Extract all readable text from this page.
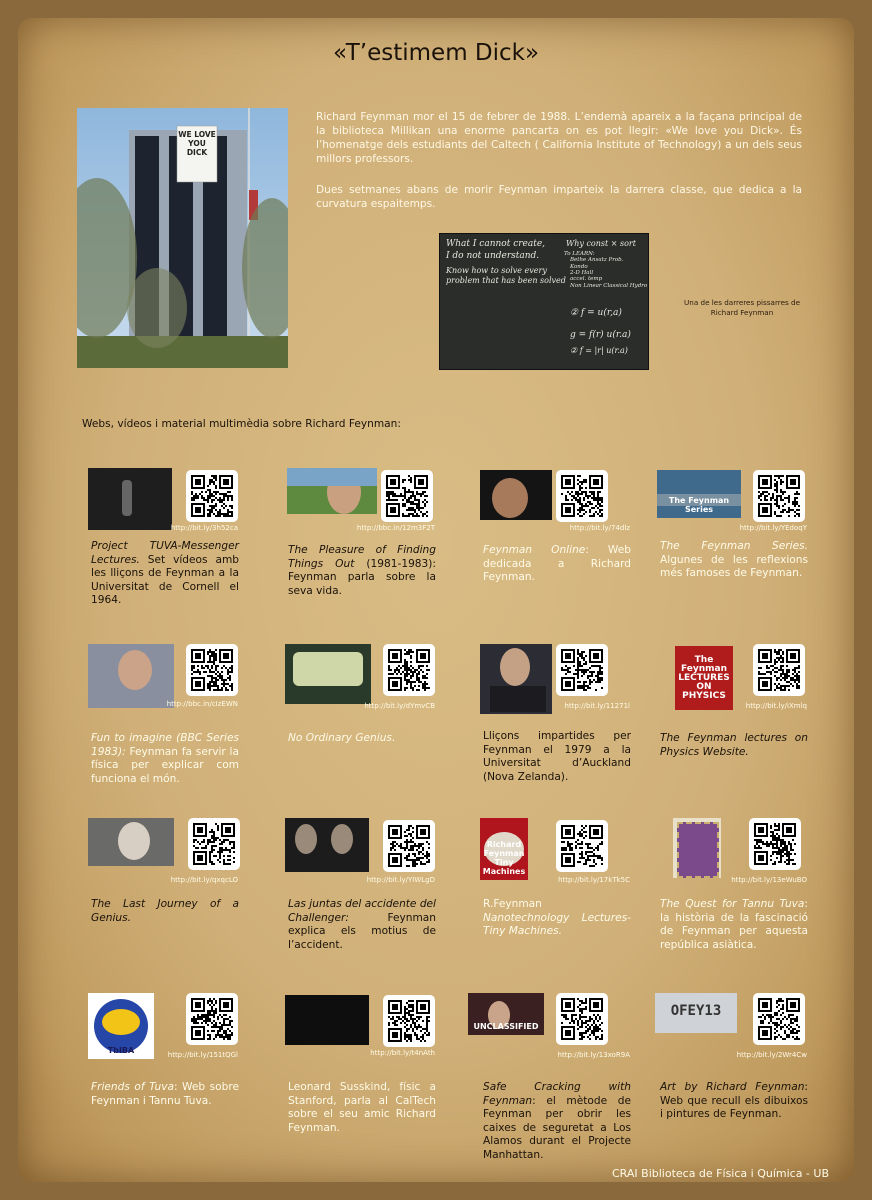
«T’estimem Dick»
WE LOVE YOU DICK
Richard Feynman mor el 15 de febrer de 1988. L’endemà apareix a la façana principal de la biblioteca Millikan una enorme pancarta on es pot llegir: «We love you Dick». És l’homenatge dels estudiants del Caltech ( California Institute of Technology) a un dels seus millors professors.
Dues setmanes abans de morir Feynman imparteix la darrera classe, que dedica a la curvatura espaitemps.
What I cannot create,
I do not understand.
Know how to solve every
problem that has been solved
Why const × sort
To LEARN:
Bethe Ansatz Prob.
Kondo
2-D Hall
accel. temp
Non Linear Classical Hydro
② f = u(r,a)
g = f(r) u(r.a)
② f = |r| u(r.a)
Una de les darreres pissarres de Richard Feynman
Webs, vídeos i material multimèdia sobre Richard Feynman:
http://bit.ly/3h52ca
Project TUVA-Messenger Lectures. Set vídeos amb les lliçons de Feynman a la Universitat de Cornell el 1964.
http://bbc.in/12m3F2T
The Pleasure of Finding Things Out (1981-1983): Feynman parla sobre la seva vida.
http://bit.ly/74dlz
Feynman Online: Web dedicada a Richard Feynman.
The Feynman Series
http://bit.ly/YEdoqY
The Feynman Series. Algunes de les reflexions més famoses de Feynman.
http://bbc.in/cIzEWN
Fun to imagine (BBC Series 1983): Feynman fa servir la física per explicar com funciona el món.
http://bit.ly/dYmvCB
No Ordinary Genius.
http://bit.ly/11271l
Lliçons impartides per Feynman el 1979 a la Universitat d’Auckland (Nova Zelanda).
The Feynman LECTURES ON PHYSICS
http://bit.ly/iXmlq
The Feynman lectures on Physics Website.
http://bit.ly/qxqcLO
The Last Journey of a Genius.
http://bit.ly/YIWLgD
Las juntas del accidente del Challenger: Feynman explica els motius de l’accident.
Richard Feynman Tiny Machines
http://bit.ly/17kTk5C
R.Feynman Nanotechnology Lectures-Tiny Machines.
http://bit.ly/13eWuBO
The Quest for Tannu Tuva: la història de la fascinació de Feynman per aquesta república asiàtica.
TbIBA	http://bit.ly/151tQGl
Friends of Tuva: Web sobre Feynman i Tannu Tuva.
http://bit.ly/t4nAth
Leonard Susskind, físic a Stanford, parla al CalTech sobre el seu amic Richard Feynman.
UNCLASSIFIED
http://bit.ly/13xoR9A
Safe Cracking with Feynman: el mètode de Feynman per obrir les caixes de seguretat a Los Alamos durant el Projecte Manhattan.
OFEY13
http://bit.ly/2Wr4Cw
Art by Richard Feynman: Web que recull els dibuixos i pintures de Feynman.
CRAI Biblioteca de Física i Química - UB
